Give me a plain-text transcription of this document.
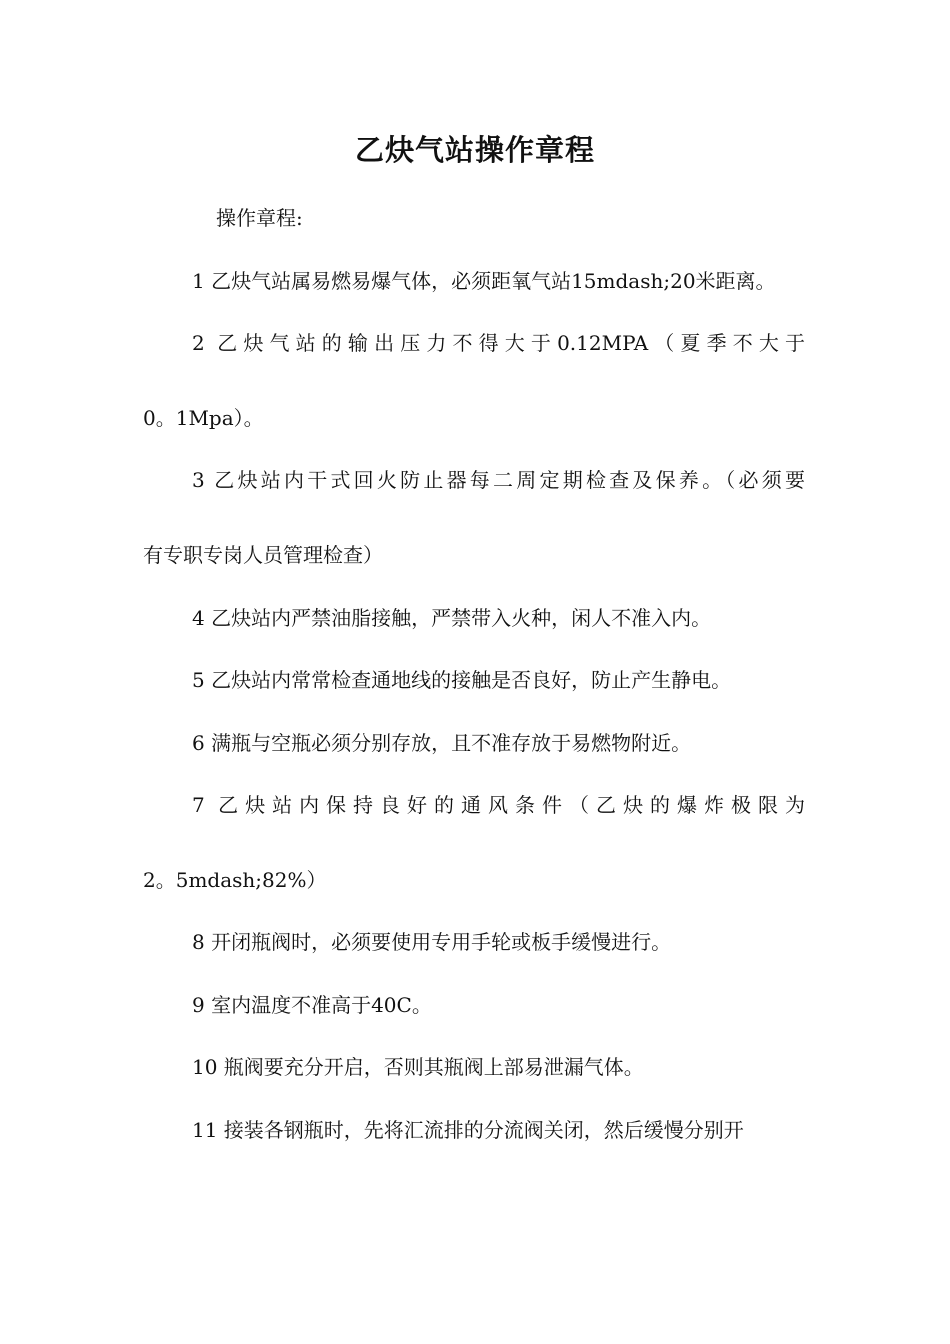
乙炔气站操作章程

操作章程:

1 乙炔气站属易燃易爆气体，必须距氧气站15mdash;20米距离。

2 乙炔气站的输出压力不得大于0.12MPA（夏季不大于

0。1Mpa）。

3 乙炔站内干式回火防止器每二周定期检查及保养。（必须要

有专职专岗人员管理检查）

4 乙炔站内严禁油脂接触，严禁带入火种，闲人不准入内。

5 乙炔站内常常检查通地线的接触是否良好，防止产生静电。

6 满瓶与空瓶必须分别存放，且不准存放于易燃物附近。

7 乙炔站内保持良好的通风条件（乙炔的爆炸极限为

2。5mdash;82%）

8 开闭瓶阀时，必须要使用专用手轮或板手缓慢进行。

9 室内温度不准高于40C。

10 瓶阀要充分开启，否则其瓶阀上部易泄漏气体。

11 接装各钢瓶时，先将汇流排的分流阀关闭，然后缓慢分别开
